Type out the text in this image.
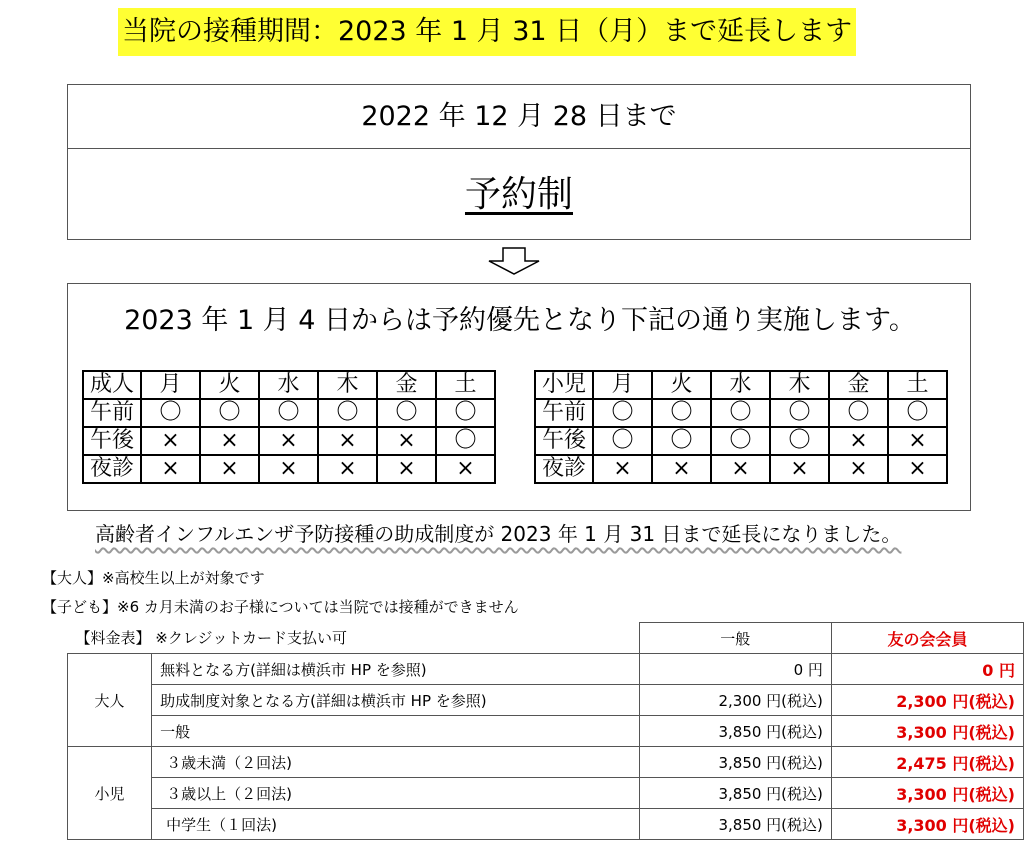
当院の接種期間：2023 年 1 月 31 日（月）まで延長します
2022 年 12 月 28 日まで
予約制
2023 年 1 月 4 日からは予約優先となり下記の通り実施します。
成人	月	火	水	木	金	土
午前	〇	〇	〇	〇	〇	〇
午後	×	×	×	×	×	〇
夜診	×	×	×	×	×	×
小児	月	火	水	木	金	土
午前	〇	〇	〇	〇	〇	〇
午後	〇	〇	〇	〇	×	×
夜診	×	×	×	×	×	×
高齢者インフルエンザ予防接種の助成制度が 2023 年 1 月 31 日まで延長になりました。
【大人】※高校生以上が対象です
【子ども】※6 カ月未満のお子様については当院では接種ができません
【料金表】 ※クレジットカード支払い可		一般	友の会会員
大人	無料となる方(詳細は横浜市 HP を参照)	0 円	0 円
	助成制度対象となる方(詳細は横浜市 HP を参照)	2,300 円(税込)	2,300 円(税込)
	一般	3,850 円(税込)	3,300 円(税込)
小児	３歳未満（２回法)	3,850 円(税込)	2,475 円(税込)
	３歳以上（２回法)	3,850 円(税込)	3,300 円(税込)
	中学生（１回法)	3,850 円(税込)	3,300 円(税込)
